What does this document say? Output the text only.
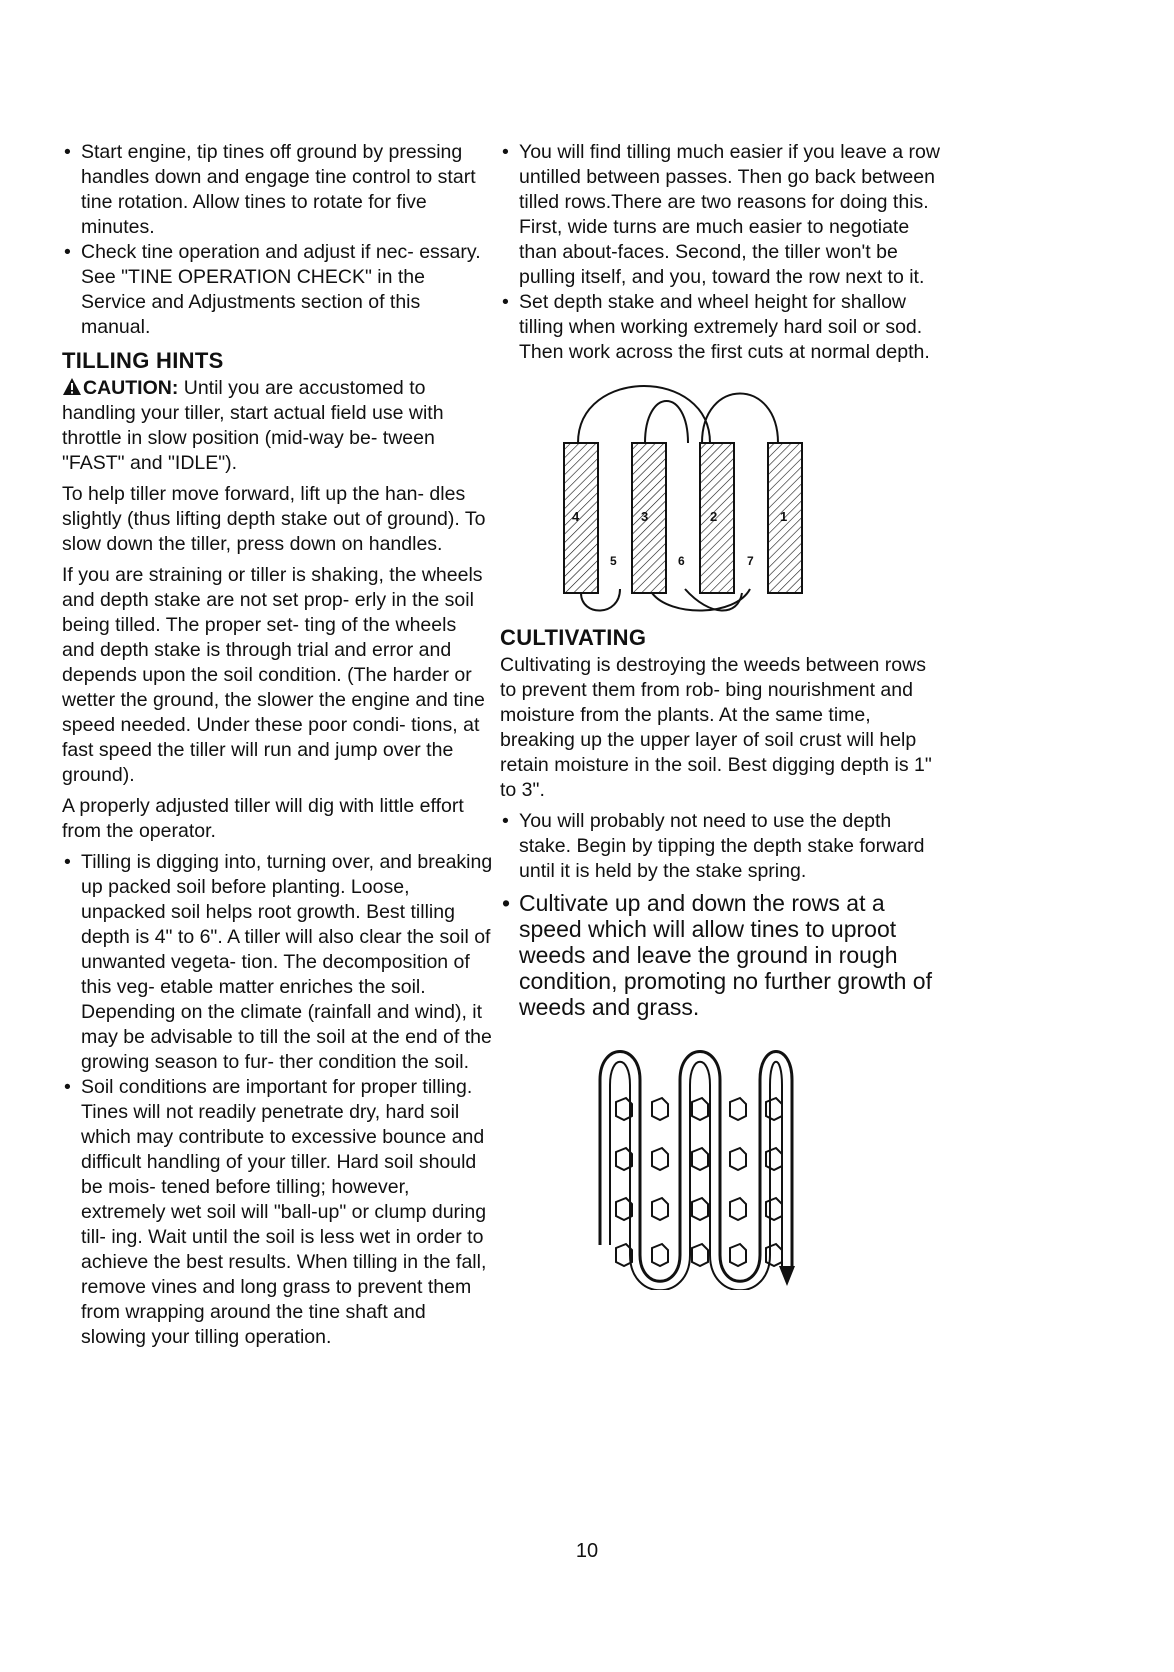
• Start engine, tip tines off ground by pressing handles down and engage tine control to start tine rotation. Allow tines to rotate for five minutes.
• Check tine operation and adjust if nec- essary. See "TINE OPERATION CHECK" in the Service and Adjustments section of this manual.
TILLING HINTS

CAUTION: Until you are accustomed to handling your tiller, start actual field use with throttle in slow position (mid-way be- tween "FAST" and "IDLE").

To help tiller move forward, lift up the han- dles slightly (thus lifting depth stake out of ground). To slow down the tiller, press down on handles.

If you are straining or tiller is shaking, the wheels and depth stake are not set prop- erly in the soil being tilled. The proper set- ting of the wheels and depth stake is through trial and error and depends upon the soil condition. (The harder or wetter the ground, the slower the engine and tine speed needed. Under these poor condi- tions, at fast speed the tiller will run and jump over the ground).

A properly adjusted tiller will dig with little effort from the operator.

• Tilling is digging into, turning over, and breaking up packed soil before planting. Loose, unpacked soil helps root growth. Best tilling depth is 4" to 6". A tiller will also clear the soil of unwanted vegeta- tion. The decomposition of this veg- etable matter enriches the soil. Depending on the climate (rainfall and wind), it may be advisable to till the soil at the end of the growing season to fur- ther condition the soil.
• Soil conditions are important for proper tilling. Tines will not readily penetrate dry, hard soil which may contribute to excessive bounce and difficult handling of your tiller. Hard soil should be mois- tened before tilling; however, extremely wet soil will "ball-up" or clump during till- ing. Wait until the soil is less wet in order to achieve the best results. When tilling in the fall, remove vines and long grass to prevent them from wrapping around the tine shaft and slowing your tilling operation.
• You will find tilling much easier if you leave a row untilled between passes. Then go back between tilled rows.There are two reasons for doing this. First, wide turns are much easier to negotiate than about-faces. Second, the tiller won't be pulling itself, and you, toward the row next to it.
• Set depth stake and wheel height for shallow tilling when working extremely hard soil or sod. Then work across the first cuts at normal depth.
4	3	2	1
5	6	7
CULTIVATING

Cultivating is destroying the weeds between rows to prevent them from rob- bing nourishment and moisture from the plants. At the same time, breaking up the upper layer of soil crust will help retain moisture in the soil. Best digging depth is 1" to 3".

• You will probably not need to use the depth stake. Begin by tipping the depth stake forward until it is held by the stake spring.
• Cultivate up and down the rows at a speed which will allow tines to uproot weeds and leave the ground in rough condition, promoting no further growth of weeds and grass.
10
